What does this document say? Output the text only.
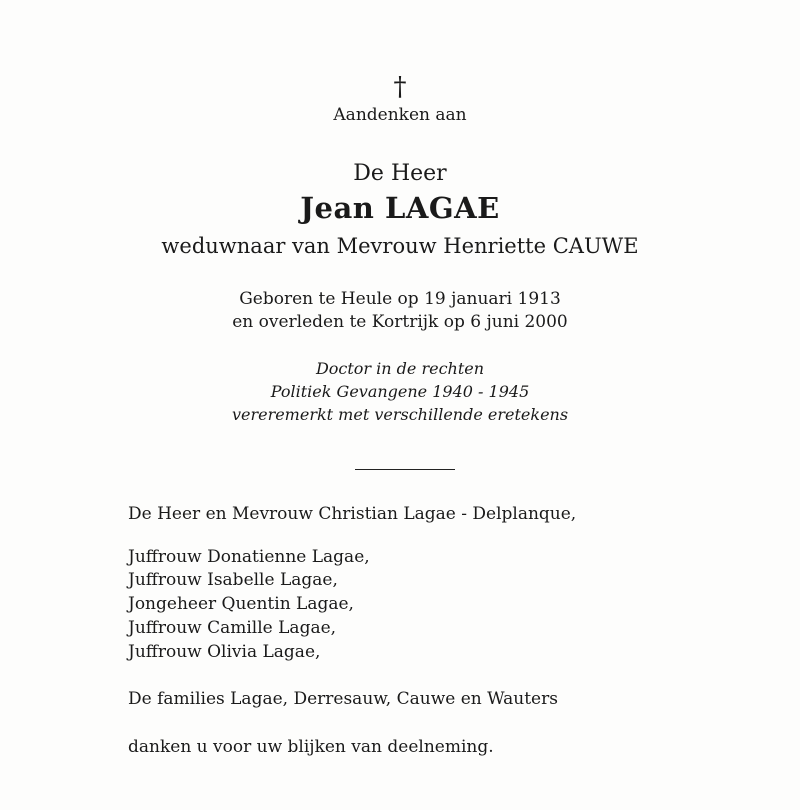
†
Aandenken aan
De Heer
Jean LAGAE
weduwnaar van Mevrouw Henriette CAUWE
Geboren te Heule op 19 januari 1913
en overleden te Kortrijk op 6 juni 2000
Doctor in de rechten
Politiek Gevangene 1940 - 1945
vereremerkt met verschillende eretekens
De Heer en Mevrouw Christian Lagae - Delplanque,
Juffrouw Donatienne Lagae,
Juffrouw Isabelle Lagae,
Jongeheer Quentin Lagae,
Juffrouw Camille Lagae,
Juffrouw Olivia Lagae,
De families Lagae, Derresauw, Cauwe en Wauters
danken u voor uw blijken van deelneming.
